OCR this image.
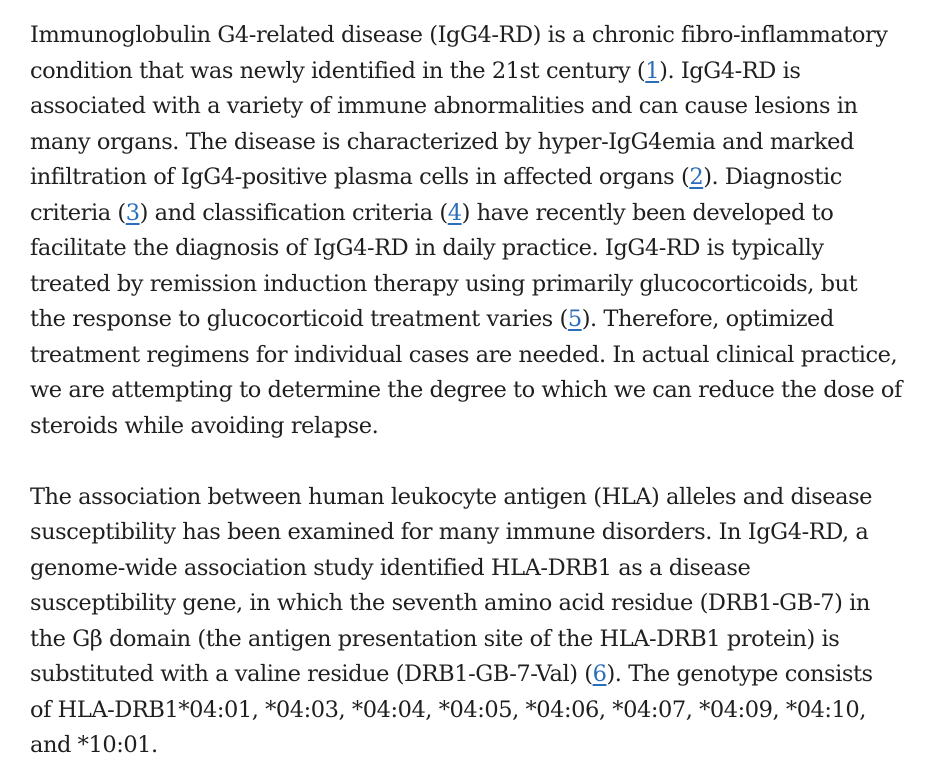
Immunoglobulin G4-related disease (IgG4-RD) is a chronic fibro-inflammatory
condition that was newly identified in the 21st century (1). IgG4-RD is
associated with a variety of immune abnormalities and can cause lesions in
many organs. The disease is characterized by hyper-IgG4emia and marked
infiltration of IgG4-positive plasma cells in affected organs (2). Diagnostic
criteria (3) and classification criteria (4) have recently been developed to
facilitate the diagnosis of IgG4-RD in daily practice. IgG4-RD is typically
treated by remission induction therapy using primarily glucocorticoids, but
the response to glucocorticoid treatment varies (5). Therefore, optimized
treatment regimens for individual cases are needed. In actual clinical practice,
we are attempting to determine the degree to which we can reduce the dose of
steroids while avoiding relapse.

The association between human leukocyte antigen (HLA) alleles and disease
susceptibility has been examined for many immune disorders. In IgG4-RD, a
genome-wide association study identified HLA-DRB1 as a disease
susceptibility gene, in which the seventh amino acid residue (DRB1-GB-7) in
the Gβ domain (the antigen presentation site of the HLA-DRB1 protein) is
substituted with a valine residue (DRB1-GB-7-Val) (6). The genotype consists
of HLA-DRB1*04:01, *04:03, *04:04, *04:05, *04:06, *04:07, *04:09, *04:10,
and *10:01.
